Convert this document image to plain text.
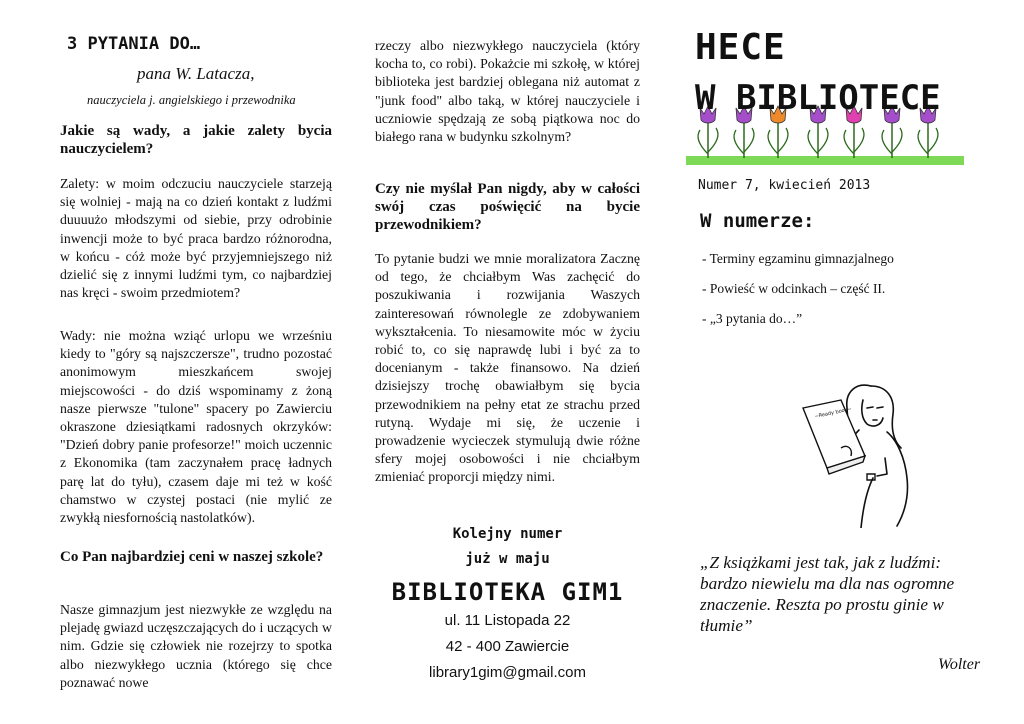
3 PYTANIA DO…
pana W. Latacza,
nauczyciela j. angielskiego i przewodnika

Jakie są wady, a jakie zalety bycia nauczycielem?

Zalety: w moim odczuciu nauczyciele starzeją się wolniej - mają na co dzień kontakt z ludźmi duuuużo młodszymi od siebie, przy odrobinie inwencji może to być praca bardzo różnorodna, w końcu - cóż może być przyjemniejszego niż dzielić się z innymi ludźmi tym, co najbardziej nas kręci - swoim przedmiotem?

Wady: nie można wziąć urlopu we wrześniu kiedy to "góry są najszczersze", trudno pozostać anonimowym mieszkańcem swojej miejscowości - do dziś wspominamy z żoną nasze pierwsze "tulone" spacery po Zawierciu okraszone dziesiątkami radosnych okrzyków: "Dzień dobry panie profesorze!" moich uczennic z Ekonomika (tam zaczynałem pracę ładnych parę lat do tyłu), czasem daje mi też w kość chamstwo w czystej postaci (nie mylić ze zwykłą niesfornością nastolatków).

Co Pan najbardziej ceni w naszej szkole?

Nasze gimnazjum jest niezwykłe ze względu na plejadę gwiazd uczęszczających do i uczących w nim. Gdzie się człowiek nie rozejrzy to spotka albo niezwykłego ucznia (którego się chce poznawać nowe

rzeczy albo niezwykłego nauczyciela (który kocha to, co robi). Pokażcie mi szkołę, w której biblioteka jest bardziej oblegana niż automat z "junk food" albo taką, w której nauczyciele i uczniowie spędzają ze sobą piątkowa noc do białego rana w budynku szkolnym?

Czy nie myślał Pan nigdy, aby w całości swój czas poświęcić na bycie przewodnikiem?

To pytanie budzi we mnie moralizatora Zacznę od tego, że chciałbym Was zachęcić do poszukiwania i rozwijania Waszych zainteresowań równolegle ze zdobywaniem wykształcenia. To niesamowite móc w życiu robić to, co się naprawdę lubi i być za to docenianym - także finansowo. Na dzień dzisiejszy trochę obawiałbym się bycia przewodnikiem na pełny etat ze strachu przed rutyną. Wydaje mi się, że uczenie i prowadzenie wycieczek stymulują dwie różne sfery mojej osobowości i nie chciałbym zmieniać proporcji między nimi.

Kolejny numer
już w maju
BIBLIOTEKA GIM1
ul. 11 Listopada 22
42 - 400 Zawiercie
library1gim@gmail.com
HECE
W BIBLIOTECE
Numer 7, kwiecień 2013
W numerze:
- Terminy egzaminu gimnazjalnego
- Powieść w odcinkach – część II.
- „3 pytania do…”
~Ready book~
„Z książkami jest tak, jak z ludźmi: bardzo niewielu ma dla nas ogromne znaczenie. Reszta po prostu ginie w tłumie”
Wolter
